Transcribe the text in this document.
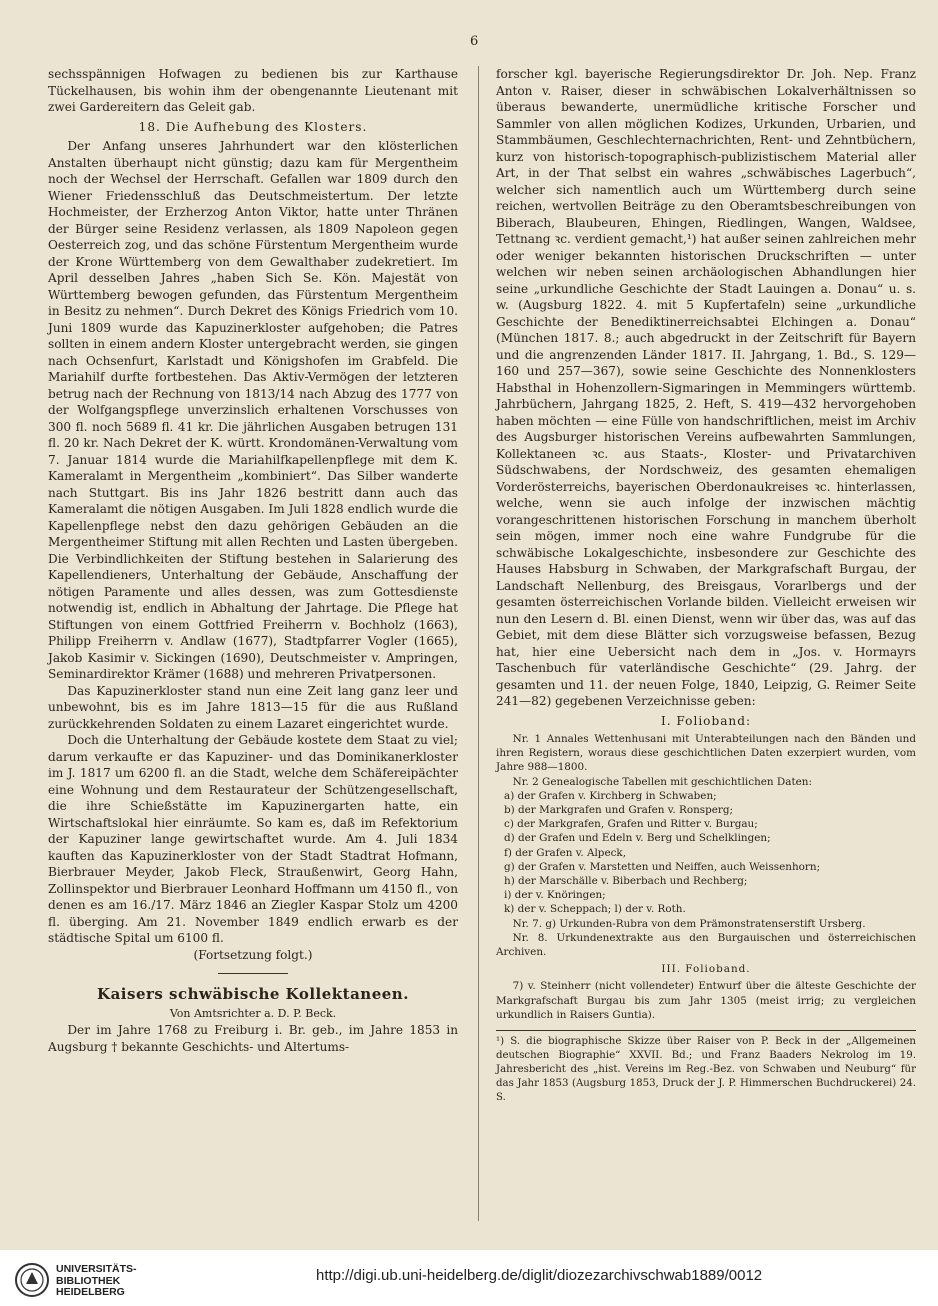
6

sechsspännigen Hofwagen zu bedienen bis zur Karthause Tückelhausen, bis wohin ihm der obengenannte Lieutenant mit zwei Gardereitern das Geleit gab.

18. Die Aufhebung des Klosters.

Der Anfang unseres Jahrhundert war den klösterlichen Anstalten überhaupt nicht günstig; dazu kam für Mergentheim noch der Wechsel der Herrschaft. Gefallen war 1809 durch den Wiener Friedensschluß das Deutschmeistertum. Der letzte Hochmeister, der Erzherzog Anton Viktor, hatte unter Thränen der Bürger seine Residenz verlassen, als 1809 Napoleon gegen Oesterreich zog, und das schöne Fürstentum Mergentheim wurde der Krone Württemberg von dem Gewalthaber zudekretiert. Im April desselben Jahres „haben Sich Se. Kön. Majestät von Württemberg bewogen gefunden, das Fürstentum Mergentheim in Besitz zu nehmen“. Durch Dekret des Königs Friedrich vom 10. Juni 1809 wurde das Kapuzinerkloster aufgehoben; die Patres sollten in einem andern Kloster untergebracht werden, sie gingen nach Ochsenfurt, Karlstadt und Königshofen im Grabfeld. Die Mariahilf durfte fortbestehen. Das Aktiv-Vermögen der letzteren betrug nach der Rechnung von 1813/14 nach Abzug des 1777 von der Wolfgangspflege unverzinslich erhaltenen Vorschusses von 300 fl. noch 5689 fl. 41 kr. Die jährlichen Ausgaben betrugen 131 fl. 20 kr. Nach Dekret der K. württ. Krondomänen-Verwaltung vom 7. Januar 1814 wurde die Mariahilfkapellenpflege mit dem K. Kameralamt in Mergentheim „kombiniert“. Das Silber wanderte nach Stuttgart. Bis ins Jahr 1826 bestritt dann auch das Kameralamt die nötigen Ausgaben. Im Juli 1828 endlich wurde die Kapellenpflege nebst den dazu gehörigen Gebäuden an die Mergentheimer Stiftung mit allen Rechten und Lasten übergeben. Die Verbindlichkeiten der Stiftung bestehen in Salarierung des Kapellendieners, Unterhaltung der Gebäude, Anschaffung der nötigen Paramente und alles dessen, was zum Gottesdienste notwendig ist, endlich in Abhaltung der Jahrtage. Die Pflege hat Stiftungen von einem Gottfried Freiherrn v. Bochholz (1663), Philipp Freiherrn v. Andlaw (1677), Stadtpfarrer Vogler (1665), Jakob Kasimir v. Sickingen (1690), Deutschmeister v. Ampringen, Seminardirektor Krämer (1688) und mehreren Privatpersonen.

Das Kapuzinerkloster stand nun eine Zeit lang ganz leer und unbewohnt, bis es im Jahre 1813—15 für die aus Rußland zurückkehrenden Soldaten zu einem Lazaret eingerichtet wurde.

Doch die Unterhaltung der Gebäude kostete dem Staat zu viel; darum verkaufte er das Kapuziner- und das Dominikanerkloster im J. 1817 um 6200 fl. an die Stadt, welche dem Schäfereipächter eine Wohnung und dem Restaurateur der Schützengesellschaft, die ihre Schießstätte im Kapuzinergarten hatte, ein Wirtschaftslokal hier einräumte. So kam es, daß im Refektorium der Kapuziner lange gewirtschaftet wurde. Am 4. Juli 1834 kauften das Kapuzinerkloster von der Stadt Stadtrat Hofmann, Bierbrauer Meyder, Jakob Fleck, Straußenwirt, Georg Hahn, Zollinspektor und Bierbrauer Leonhard Hoffmann um 4150 fl., von denen es am 16./17. März 1846 an Ziegler Kaspar Stolz um 4200 fl. überging. Am 21. November 1849 endlich erwarb es der städtische Spital um 6100 fl.

(Fortsetzung folgt.)
Kaisers schwäbische Kollektaneen.
Von Amtsrichter a. D. P. Beck.

Der im Jahre 1768 zu Freiburg i. Br. geb., im Jahre 1853 in Augsburg † bekannte Geschichts- und Altertums-

forscher kgl. bayerische Regierungsdirektor Dr. Joh. Nep. Franz Anton v. Raiser, dieser in schwäbischen Lokalverhältnissen so überaus bewanderte, unermüdliche kritische Forscher und Sammler von allen möglichen Kodizes, Urkunden, Urbarien, und Stammbäumen, Geschlechternachrichten, Rent- und Zehntbüchern, kurz von historisch-topographisch-publizistischem Material aller Art, in der That selbst ein wahres „schwäbisches Lagerbuch“, welcher sich namentlich auch um Württemberg durch seine reichen, wertvollen Beiträge zu den Oberamtsbeschreibungen von Biberach, Blaubeuren, Ehingen, Riedlingen, Wangen, Waldsee, Tettnang ꝛc. verdient gemacht,¹) hat außer seinen zahlreichen mehr oder weniger bekannten historischen Druckschriften — unter welchen wir neben seinen archäologischen Abhandlungen hier seine „urkundliche Geschichte der Stadt Lauingen a. Donau“ u. s. w. (Augsburg 1822. 4. mit 5 Kupfertafeln) seine „urkundliche Geschichte der Benediktinerreichsabtei Elchingen a. Donau“ (München 1817. 8.; auch abgedruckt in der Zeitschrift für Bayern und die angrenzenden Länder 1817. II. Jahrgang, 1. Bd., S. 129—160 und 257—367), sowie seine Geschichte des Nonnenklosters Habsthal in Hohenzollern-Sigmaringen in Memmingers württemb. Jahrbüchern, Jahrgang 1825, 2. Heft, S. 419—432 hervorgehoben haben möchten — eine Fülle von handschriftlichen, meist im Archiv des Augsburger historischen Vereins aufbewahrten Sammlungen, Kollektaneen ꝛc. aus Staats-, Kloster- und Privatarchiven Südschwabens, der Nordschweiz, des gesamten ehemaligen Vorderösterreichs, bayerischen Oberdonaukreises ꝛc. hinterlassen, welche, wenn sie auch infolge der inzwischen mächtig vorangeschrittenen historischen Forschung in manchem überholt sein mögen, immer noch eine wahre Fundgrube für die schwäbische Lokalgeschichte, insbesondere zur Geschichte des Hauses Habsburg in Schwaben, der Markgrafschaft Burgau, der Landschaft Nellenburg, des Breisgaus, Vorarlbergs und der gesamten österreichischen Vorlande bilden. Vielleicht erweisen wir nun den Lesern d. Bl. einen Dienst, wenn wir über das, was auf das Gebiet, mit dem diese Blätter sich vorzugsweise befassen, Bezug hat, hier eine Uebersicht nach dem in „Jos. v. Hormayrs Taschenbuch für vaterländische Geschichte“ (29. Jahrg. der gesamten und 11. der neuen Folge, 1840, Leipzig, G. Reimer Seite 241—82) gegebenen Verzeichnisse geben:

I. Folioband:

Nr. 1 Annales Wettenhusani mit Unterabteilungen nach den Bänden und ihren Registern, woraus diese geschichtlichen Daten exzerpiert wurden, vom Jahre 988—1800.

Nr. 2 Genealogische Tabellen mit geschichtlichen Daten:

a) der Grafen v. Kirchberg in Schwaben;

b) der Markgrafen und Grafen v. Ronsperg;

c) der Markgrafen, Grafen und Ritter v. Burgau;

d) der Grafen und Edeln v. Berg und Schelklingen;

f) der Grafen v. Alpeck,

g) der Grafen v. Marstetten und Neiffen, auch Weissenhorn;

h) der Marschälle v. Biberbach und Rechberg;

i) der v. Knöringen;

k) der v. Scheppach; l) der v. Roth.

Nr. 7. g) Urkunden-Rubra von dem Prämonstratenserstift Ursberg.

Nr. 8. Urkundenextrakte aus den Burgauischen und österreichischen Archiven.

III. Folioband.

7) v. Steinherr (nicht vollendeter) Entwurf über die älteste Geschichte der Markgrafschaft Burgau bis zum Jahr 1305 (meist irrig; zu vergleichen urkundlich in Raisers Guntia).

¹) S. die biographische Skizze über Raiser von P. Beck in der „Allgemeinen deutschen Biographie“ XXVII. Bd.; und Franz Baaders Nekrolog im 19. Jahresbericht des „hist. Vereins im Reg.-Bez. von Schwaben und Neuburg“ für das Jahr 1853 (Augsburg 1853, Druck der J. P. Himmerschen Buchdruckerei) 24. S.
UNIVERSITÄTS-
BIBLIOTHEK
HEIDELBERG
http://digi.ub.uni-heidelberg.de/diglit/diozezarchivschwab1889/0012
